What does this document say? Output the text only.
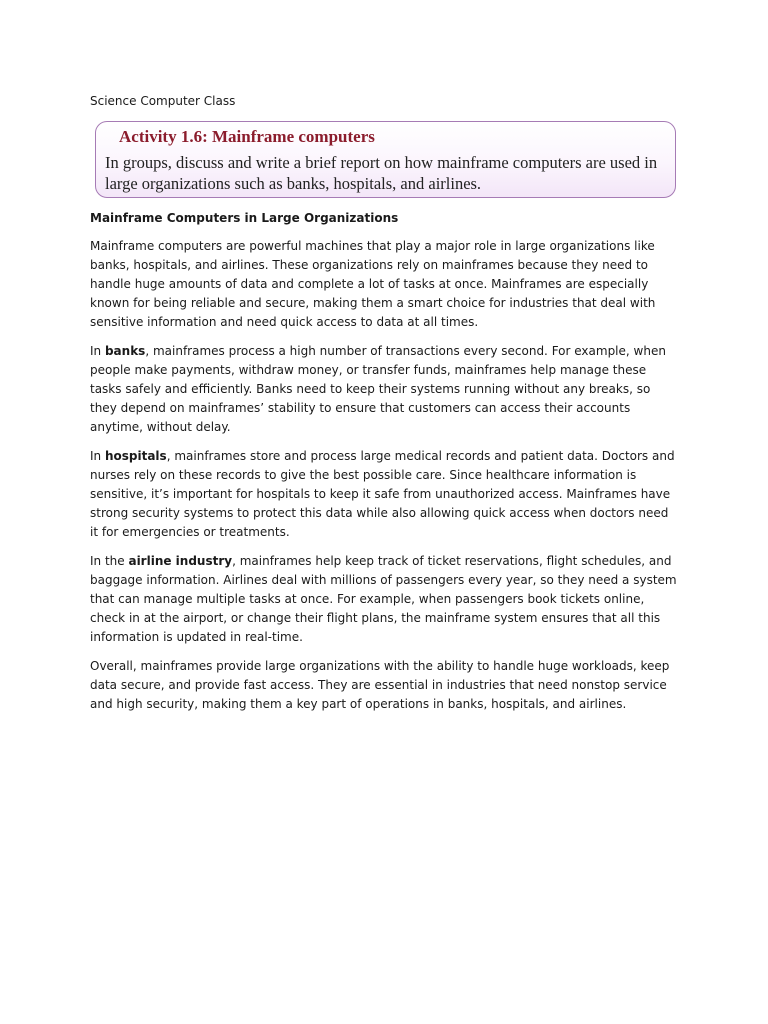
Science Computer Class

Activity 1.6: Mainframe computers

In groups, discuss and write a brief report on how mainframe computers are used in large organizations such as banks, hospitals, and airlines.

Mainframe Computers in Large Organizations

Mainframe computers are powerful machines that play a major role in large organizations like banks, hospitals, and airlines. These organizations rely on mainframes because they need to handle huge amounts of data and complete a lot of tasks at once. Mainframes are especially known for being reliable and secure, making them a smart choice for industries that deal with sensitive information and need quick access to data at all times.

In banks, mainframes process a high number of transactions every second. For example, when people make payments, withdraw money, or transfer funds, mainframes help manage these tasks safely and efficiently. Banks need to keep their systems running without any breaks, so they depend on mainframes’ stability to ensure that customers can access their accounts anytime, without delay.

In hospitals, mainframes store and process large medical records and patient data. Doctors and nurses rely on these records to give the best possible care. Since healthcare information is sensitive, it’s important for hospitals to keep it safe from unauthorized access. Mainframes have strong security systems to protect this data while also allowing quick access when doctors need it for emergencies or treatments.

In the airline industry, mainframes help keep track of ticket reservations, flight schedules, and baggage information. Airlines deal with millions of passengers every year, so they need a system that can manage multiple tasks at once. For example, when passengers book tickets online, check in at the airport, or change their flight plans, the mainframe system ensures that all this information is updated in real-time.

Overall, mainframes provide large organizations with the ability to handle huge workloads, keep data secure, and provide fast access. They are essential in industries that need nonstop service and high security, making them a key part of operations in banks, hospitals, and airlines.
